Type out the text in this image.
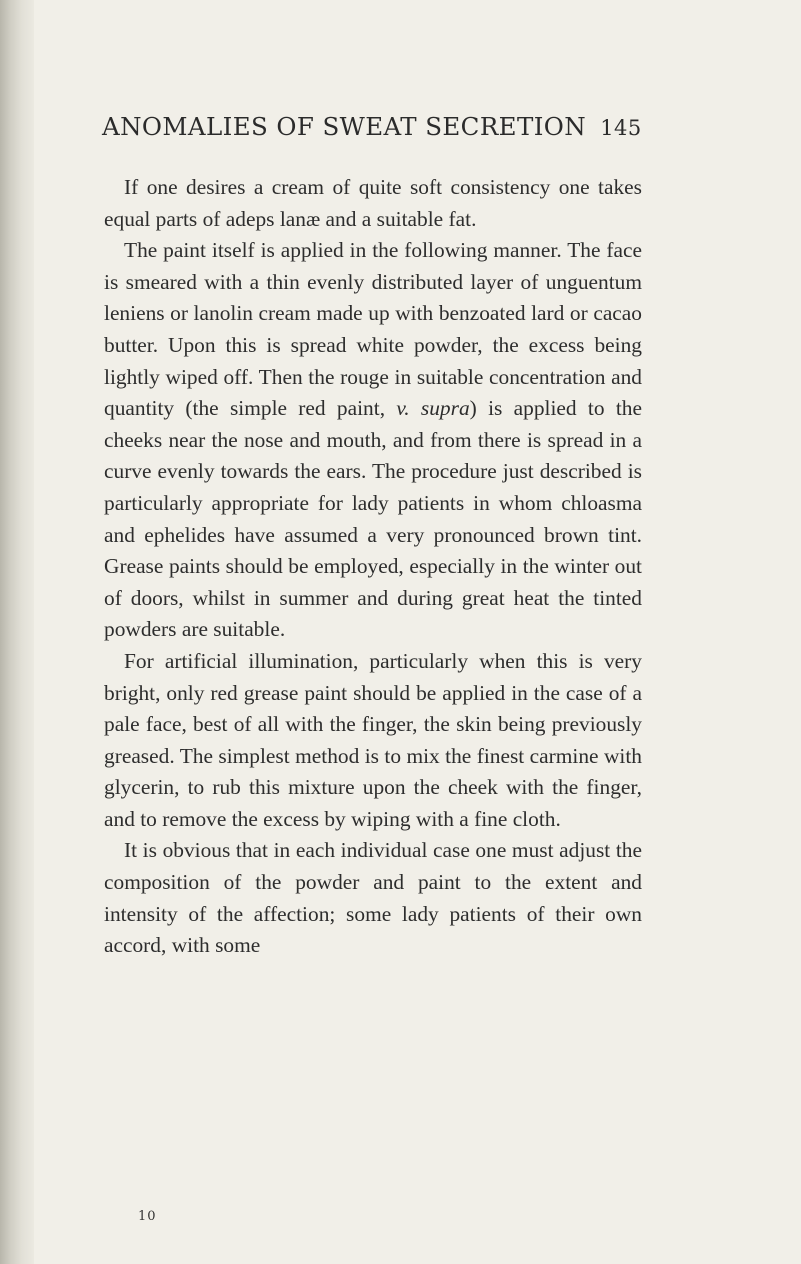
ANOMALIES OF SWEAT SECRETION 145

If one desires a cream of quite soft consistency one takes equal parts of adeps lanæ and a suitable fat.

The paint itself is applied in the following manner. The face is smeared with a thin evenly distributed layer of unguentum leniens or lanolin cream made up with benzoated lard or cacao butter. Upon this is spread white powder, the excess being lightly wiped off. Then the rouge in suitable concentration and quantity (the simple red paint, v. supra) is applied to the cheeks near the nose and mouth, and from there is spread in a curve evenly towards the ears. The procedure just described is particularly appropriate for lady patients in whom chloasma and ephelides have assumed a very pronounced brown tint. Grease paints should be employed, especially in the winter out of doors, whilst in summer and during great heat the tinted powders are suitable.

For artificial illumination, particularly when this is very bright, only red grease paint should be applied in the case of a pale face, best of all with the finger, the skin being previously greased. The simplest method is to mix the finest carmine with glycerin, to rub this mixture upon the cheek with the finger, and to remove the excess by wiping with a fine cloth.

It is obvious that in each individual case one must adjust the composition of the powder and paint to the extent and intensity of the affection; some lady patients of their own accord, with some

10
